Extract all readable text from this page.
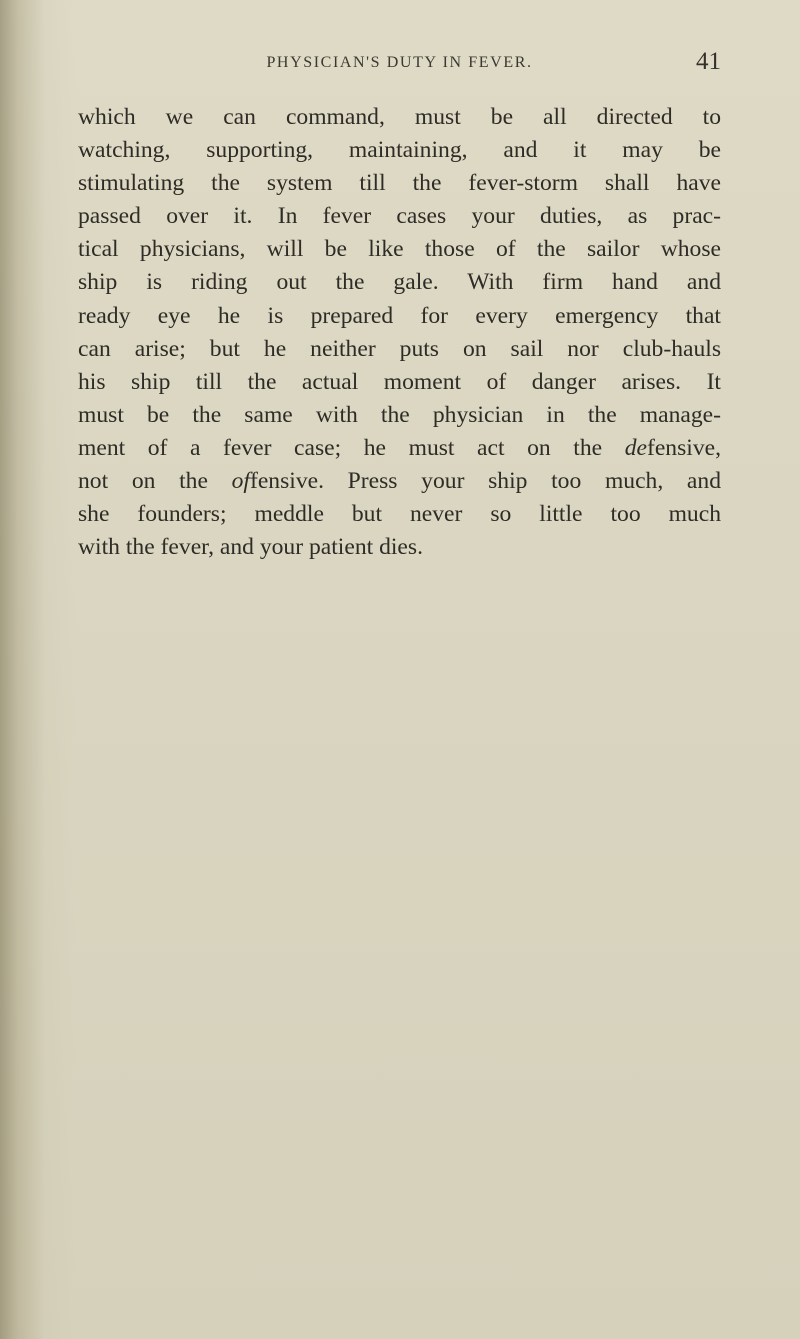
PHYSICIAN'S DUTY IN FEVER.	41
which we can command, must be all directed to
watching, supporting, maintaining, and it may be
stimulating the system till the fever-storm shall have
passed over it. In fever cases your duties, as prac-
tical physicians, will be like those of the sailor whose
ship is riding out the gale. With firm hand and
ready eye he is prepared for every emergency that
can arise; but he neither puts on sail nor club-hauls
his ship till the actual moment of danger arises. It
must be the same with the physician in the manage-
ment of a fever case; he must act on the defensive,
not on the offensive. Press your ship too much, and
she founders; meddle but never so little too much
with the fever, and your patient dies.
